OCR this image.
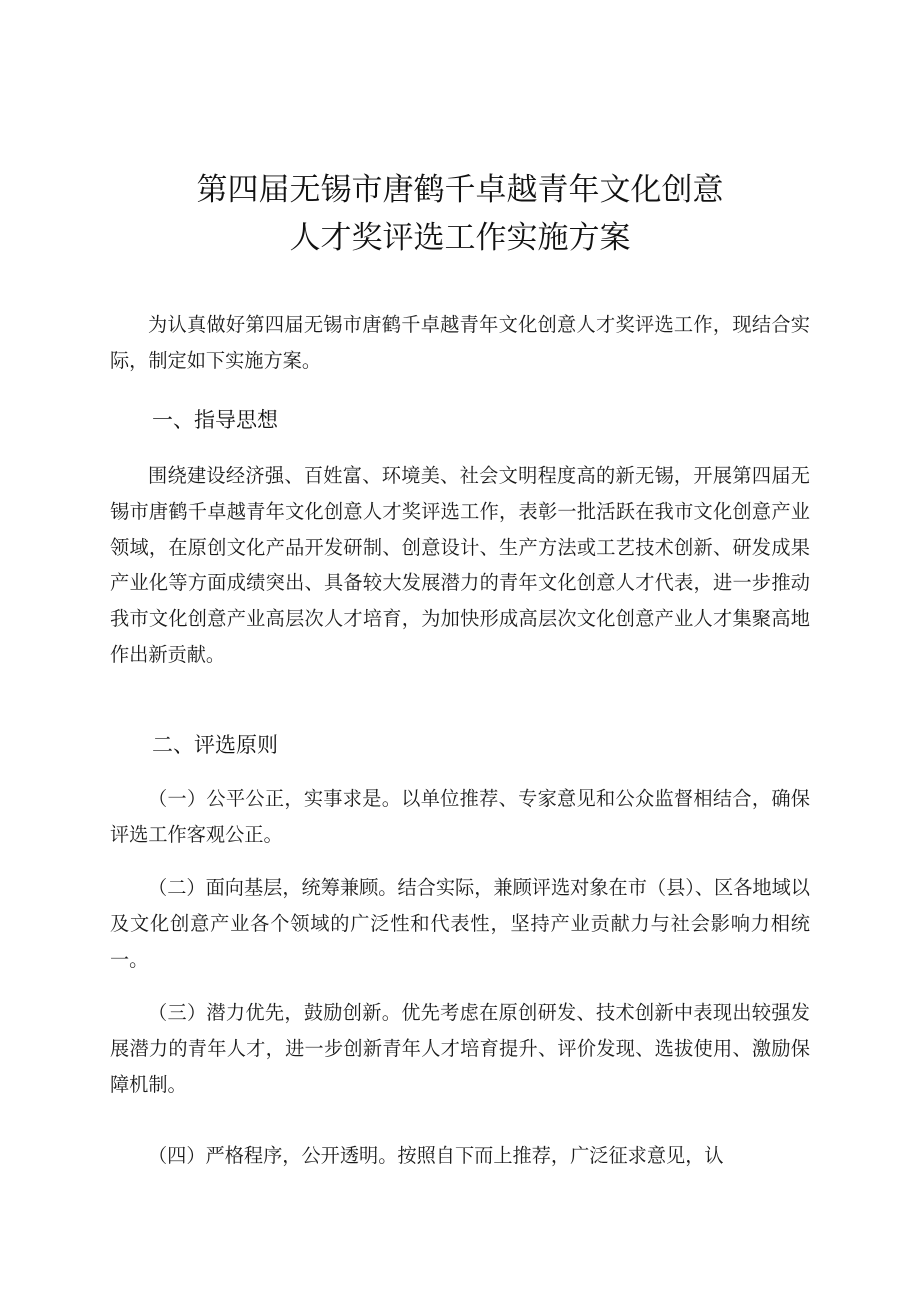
第四届无锡市唐鹤千卓越青年文化创意
人才奖评选工作实施方案

为认真做好第四届无锡市唐鹤千卓越青年文化创意人才奖评选工作，现结合实际，制定如下实施方案。

一、指导思想

围绕建设经济强、百姓富、环境美、社会文明程度高的新无锡，开展第四届无锡市唐鹤千卓越青年文化创意人才奖评选工作，表彰一批活跃在我市文化创意产业领域，在原创文化产品开发研制、创意设计、生产方法或工艺技术创新、研发成果产业化等方面成绩突出、具备较大发展潜力的青年文化创意人才代表，进一步推动我市文化创意产业高层次人才培育，为加快形成高层次文化创意产业人才集聚高地作出新贡献。

二、评选原则

（一）公平公正，实事求是。以单位推荐、专家意见和公众监督相结合，确保评选工作客观公正。

（二）面向基层，统筹兼顾。结合实际，兼顾评选对象在市（县）、区各地域以及文化创意产业各个领域的广泛性和代表性，坚持产业贡献力与社会影响力相统一。

（三）潜力优先，鼓励创新。优先考虑在原创研发、技术创新中表现出较强发展潜力的青年人才，进一步创新青年人才培育提升、评价发现、选拔使用、激励保障机制。

（四）严格程序，公开透明。按照自下而上推荐，广泛征求意见，认
